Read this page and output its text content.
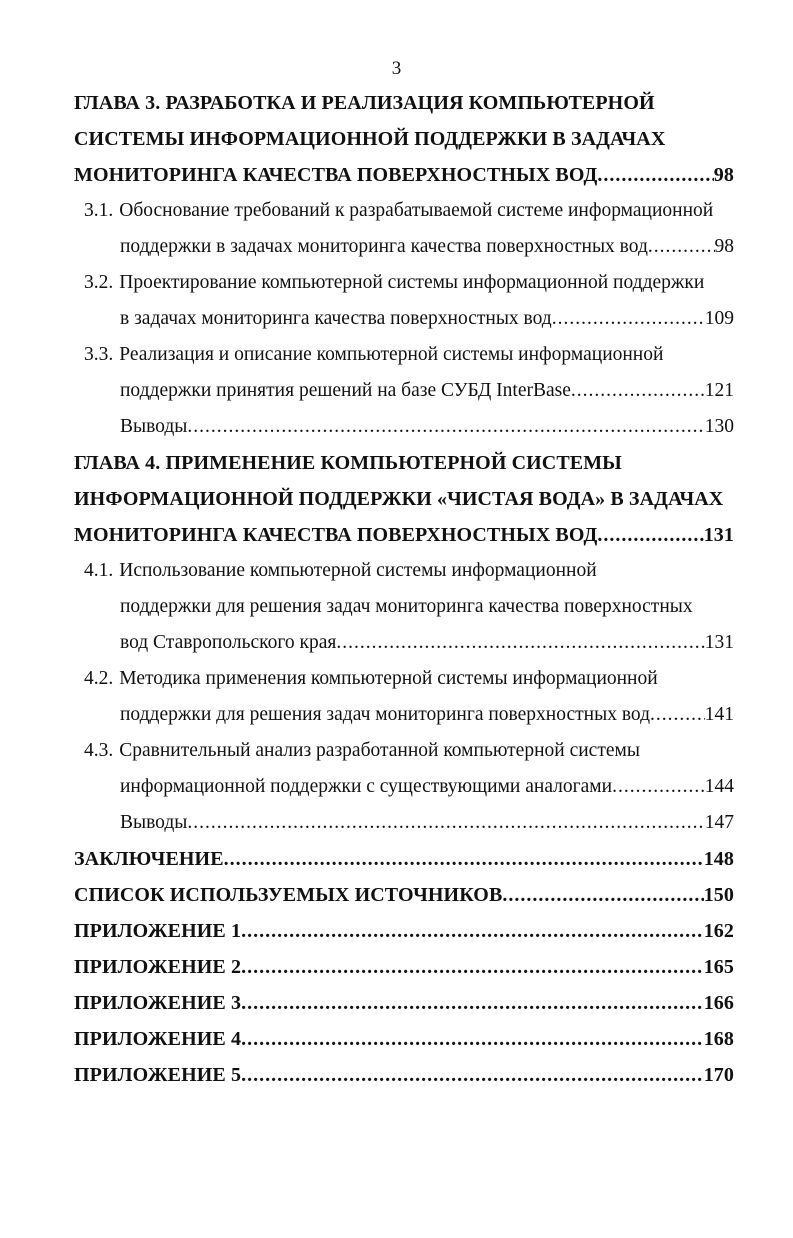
3
ГЛАВА 3. РАЗРАБОТКА И РЕАЛИЗАЦИЯ КОМПЬЮТЕРНОЙ
СИСТЕМЫ ИНФОРМАЦИОННОЙ ПОДДЕРЖКИ В ЗАДАЧАХ
МОНИТОРИНГА КАЧЕСТВА ПОВЕРХНОСТНЫХ ВОД .....	98
3.1. Обоснование требований к разрабатываемой системе информационной
поддержки в задачах мониторинга качества поверхностных вод .....	98
3.2. Проектирование компьютерной системы информационной поддержки
в задачах мониторинга качества поверхностных вод .....	109
3.3. Реализация и описание компьютерной системы информационной
поддержки принятия решений на базе СУБД InterBase .....	121
Выводы .....	130
ГЛАВА 4. ПРИМЕНЕНИЕ КОМПЬЮТЕРНОЙ СИСТЕМЫ
ИНФОРМАЦИОННОЙ ПОДДЕРЖКИ «ЧИСТАЯ ВОДА» В ЗАДАЧАХ
МОНИТОРИНГА КАЧЕСТВА ПОВЕРХНОСТНЫХ ВОД .....	131
4.1. Использование компьютерной системы информационной
поддержки для решения задач мониторинга качества поверхностных
вод Ставропольского края .....	131
4.2. Методика применения компьютерной системы информационной
поддержки для решения задач мониторинга поверхностных вод .....	141
4.3. Сравнительный анализ разработанной компьютерной системы
информационной поддержки с существующими аналогами .....	144
Выводы .....	147
ЗАКЛЮЧЕНИЕ .....	148
СПИСОК ИСПОЛЬЗУЕМЫХ ИСТОЧНИКОВ .....	150
ПРИЛОЖЕНИЕ 1 .....	162
ПРИЛОЖЕНИЕ 2 .....	165
ПРИЛОЖЕНИЕ 3 .....	166
ПРИЛОЖЕНИЕ 4 .....	168
ПРИЛОЖЕНИЕ 5 .....	170
